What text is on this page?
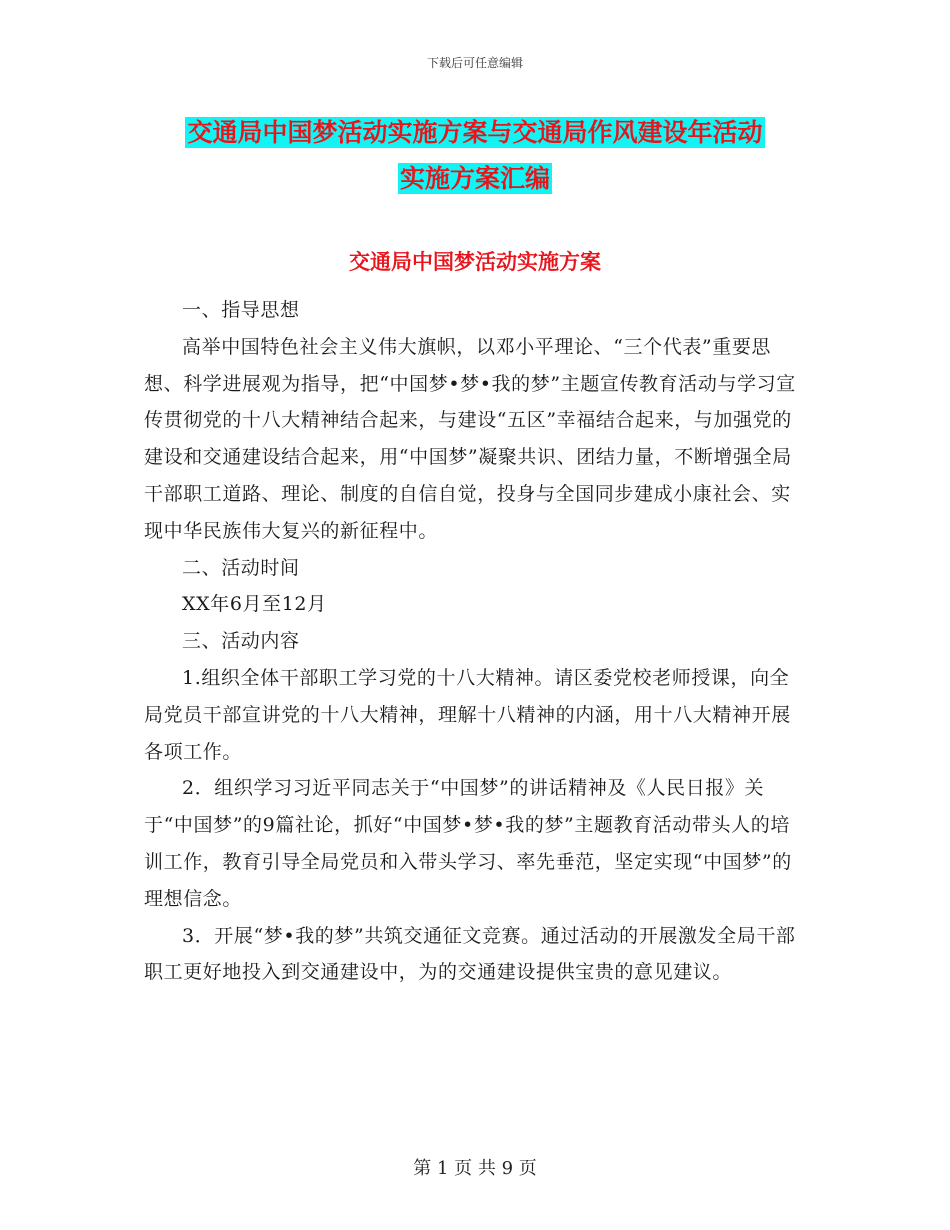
下载后可任意编辑
交通局中国梦活动实施方案与交通局作风建设年活动
实施方案汇编
交通局中国梦活动实施方案

一、指导思想

高举中国特色社会主义伟大旗帜，以邓小平理论、“三个代表”重要思想、科学进展观为指导，把“中国梦•梦•我的梦”主题宣传教育活动与学习宣传贯彻党的十八大精神结合起来，与建设“五区”幸福结合起来，与加强党的建设和交通建设结合起来，用“中国梦”凝聚共识、团结力量，不断增强全局干部职工道路、理论、制度的自信自觉，投身与全国同步建成小康社会、实现中华民族伟大复兴的新征程中。

二、活动时间

XX年6月至12月

三、活动内容

1.组织全体干部职工学习党的十八大精神。请区委党校老师授课，向全局党员干部宣讲党的十八大精神，理解十八精神的内涵，用十八大精神开展各项工作。

2．组织学习习近平同志关于“中国梦”的讲话精神及《人民日报》关于“中国梦”的9篇社论，抓好“中国梦•梦•我的梦”主题教育活动带头人的培训工作，教育引导全局党员和入带头学习、率先垂范，坚定实现“中国梦”的理想信念。

3．开展“梦•我的梦”共筑交通征文竞赛。通过活动的开展激发全局干部职工更好地投入到交通建设中，为的交通建设提供宝贵的意见建议。

第 1 页 共 9 页
